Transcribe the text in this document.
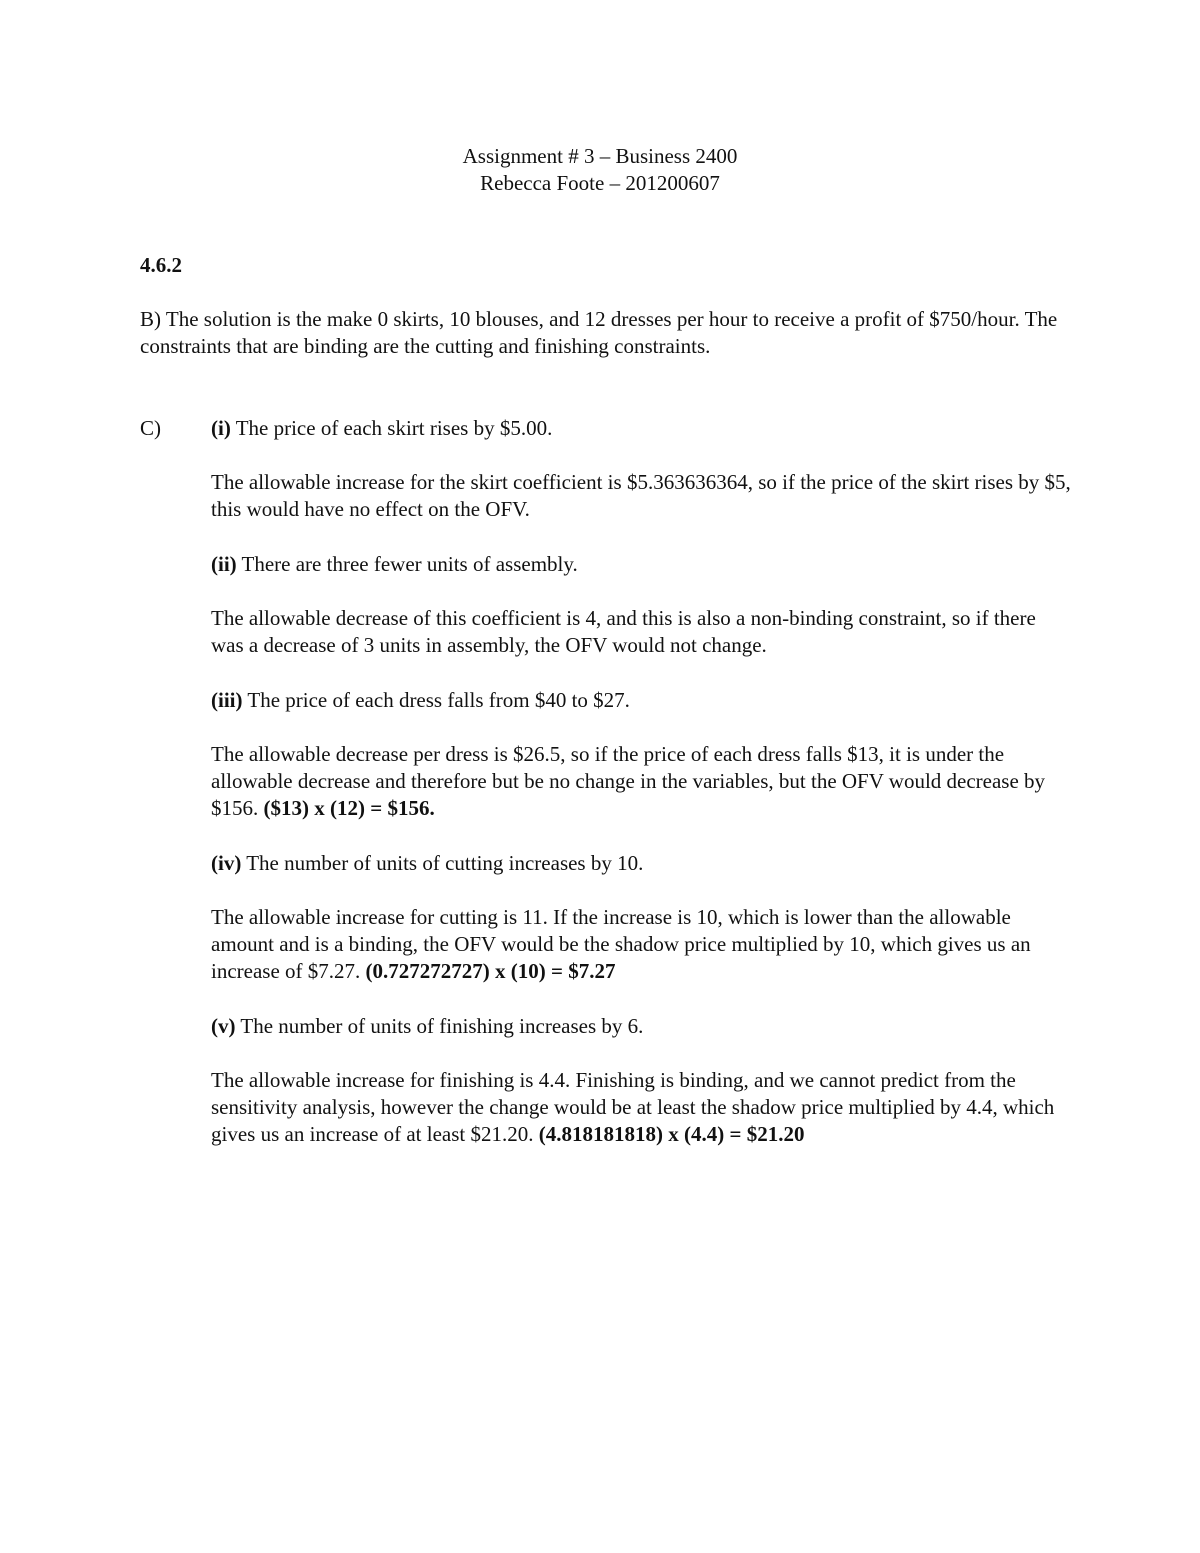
Assignment # 3 – Business 2400
Rebecca Foote – 201200607
4.6.2
B) The solution is the make 0 skirts, 10 blouses, and 12 dresses per hour to receive a profit of $750/hour. The constraints that are binding are the cutting and finishing constraints.
C) (i) The price of each skirt rises by $5.00.
The allowable increase for the skirt coefficient is $5.363636364, so if the price of the skirt rises by $5, this would have no effect on the OFV.
(ii) There are three fewer units of assembly.
The allowable decrease of this coefficient is 4, and this is also a non-binding constraint, so if there was a decrease of 3 units in assembly, the OFV would not change.
(iii) The price of each dress falls from $40 to $27.
The allowable decrease per dress is $26.5, so if the price of each dress falls $13, it is under the allowable decrease and therefore but be no change in the variables, but the OFV would decrease by $156. ($13) x (12) = $156.
(iv) The number of units of cutting increases by 10.
The allowable increase for cutting is 11. If the increase is 10, which is lower than the allowable amount and is a binding, the OFV would be the shadow price multiplied by 10, which gives us an increase of $7.27. (0.727272727) x (10) = $7.27
(v) The number of units of finishing increases by 6.
The allowable increase for finishing is 4.4. Finishing is binding, and we cannot predict from the sensitivity analysis, however the change would be at least the shadow price multiplied by 4.4, which gives us an increase of at least $21.20. (4.818181818) x (4.4) = $21.20
